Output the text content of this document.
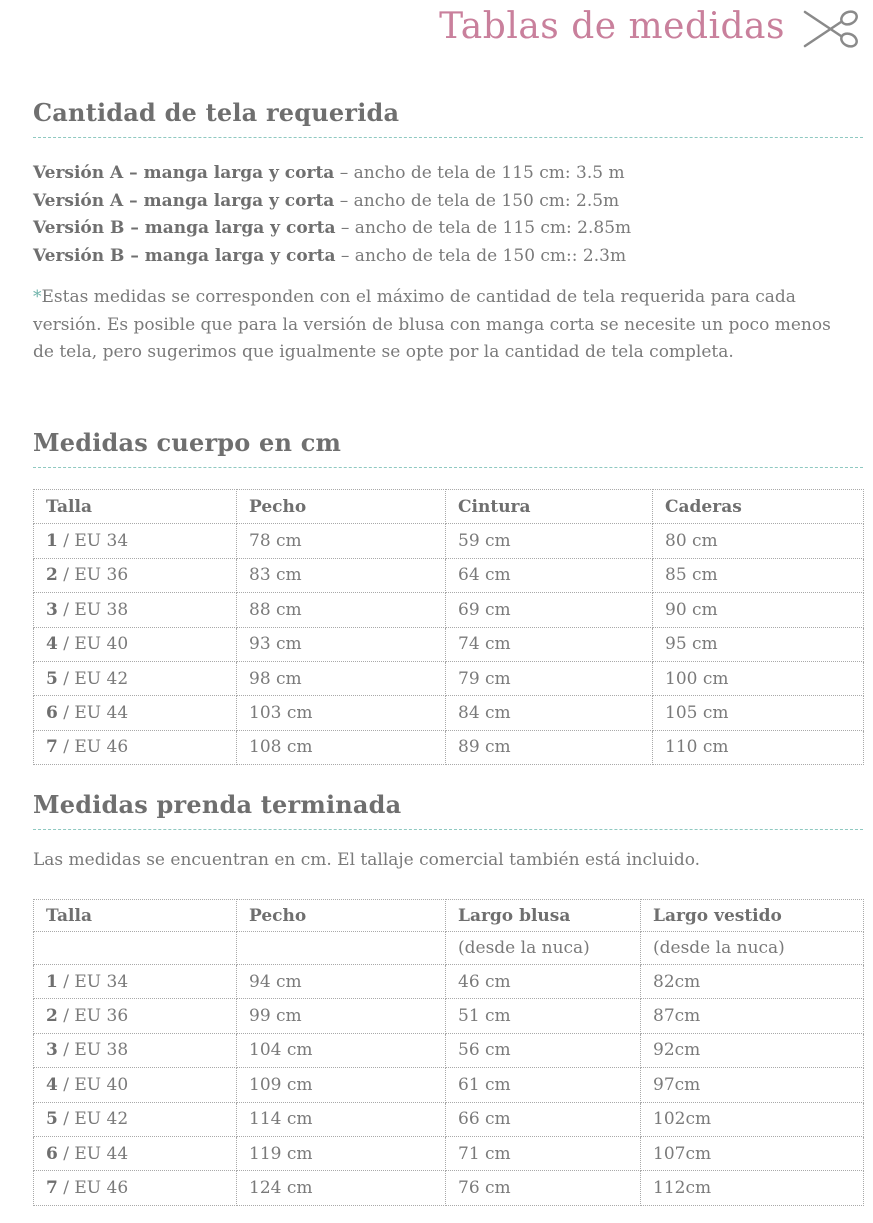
Tablas de medidas
Cantidad de tela requerida
Versión A – manga larga y corta – ancho de tela de 115 cm: 3.5 m
Versión A – manga larga y corta – ancho de tela de 150 cm: 2.5m
Versión B – manga larga y corta – ancho de tela de 115 cm: 2.85m
Versión B – manga larga y corta – ancho de tela de 150 cm:: 2.3m
*Estas medidas se corresponden con el máximo de cantidad de tela requerida para cada versión. Es posible que para la versión de blusa con manga corta se necesite un poco menos de tela, pero sugerimos que igualmente se opte por la cantidad de tela completa.
Medidas cuerpo en cm
Talla	Pecho	Cintura	Caderas
1 / EU 34	78 cm	59 cm	80 cm
2 / EU 36	83 cm	64 cm	85 cm
3 / EU 38	88 cm	69 cm	90 cm
4 / EU 40	93 cm	74 cm	95 cm
5 / EU 42	98 cm	79 cm	100 cm
6 / EU 44	103 cm	84 cm	105 cm
7 / EU 46	108 cm	89 cm	110 cm
Medidas prenda terminada
Las medidas se encuentran en cm. El tallaje comercial también está incluido.
Talla	Pecho	Largo blusa	Largo vestido
		(desde la nuca)	(desde la nuca)
1 / EU 34	94 cm	46 cm	82cm
2 / EU 36	99 cm	51 cm	87cm
3 / EU 38	104 cm	56 cm	92cm
4 / EU 40	109 cm	61 cm	97cm
5 / EU 42	114 cm	66 cm	102cm
6 / EU 44	119 cm	71 cm	107cm
7 / EU 46	124 cm	76 cm	112cm
